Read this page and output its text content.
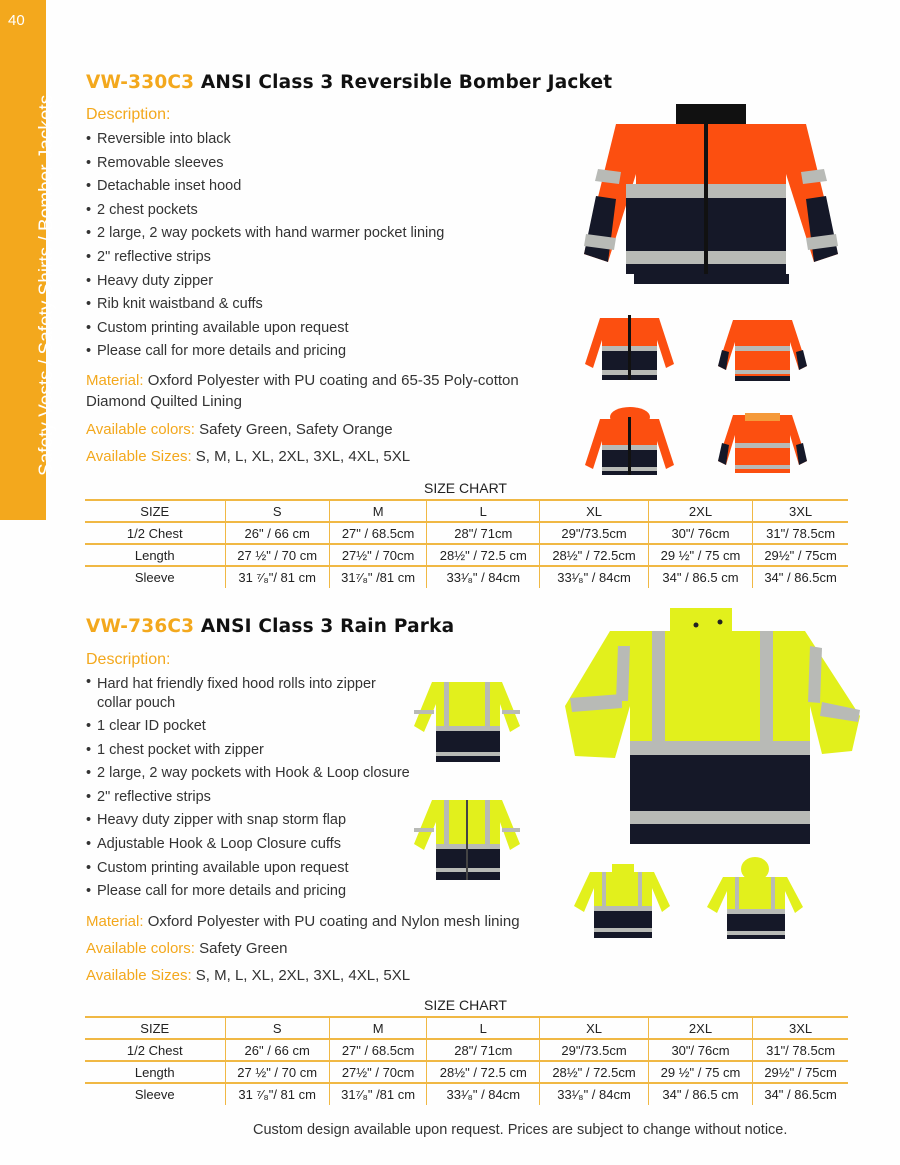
40
Safety Vests / Safety Shirts / Bomber Jackets
VW-330C3 ANSI Class 3 Reversible Bomber Jacket
Description:
• Reversible into black
• Removable sleeves
• Detachable inset hood
• 2 chest pockets
• 2 large, 2 way pockets with hand warmer pocket lining
• 2" reflective strips
• Heavy duty zipper
• Rib knit waistband & cuffs
• Custom printing available upon request
• Please call for more details and pricing
Material: Oxford Polyester with PU coating and 65-35 Poly-cotton Diamond Quilted Lining
Available colors: Safety Green, Safety Orange
Available Sizes: S, M, L, XL, 2XL, 3XL, 4XL, 5XL
SIZE CHART
SIZE	S	M	L	XL	2XL	3XL
1/2 Chest	26" / 66 cm	27" / 68.5cm	28"/ 71cm	29"/73.5cm	30"/ 76cm	31"/ 78.5cm
Length	27 ½" / 70 cm	27½" / 70cm	28½" / 72.5 cm	28½" / 72.5cm	29 ½" / 75 cm	29½" / 75cm
Sleeve	31 ⁷⁄₈"/ 81 cm	31⁷⁄₈" /81 cm	33¹⁄₈" / 84cm	33¹⁄₈" / 84cm	34" / 86.5 cm	34" / 86.5cm
VW-736C3 ANSI Class 3 Rain Parka
Description:
• Hard hat friendly fixed hood rolls into zipper collar pouch
• 1 clear ID pocket
• 1 chest pocket with zipper
• 2 large, 2 way pockets with Hook & Loop closure
• 2" reflective strips
• Heavy duty zipper with snap storm flap
• Adjustable Hook & Loop Closure cuffs
• Custom printing available upon request
• Please call for more details and pricing
Material: Oxford Polyester with PU coating and Nylon mesh lining
Available colors: Safety Green
Available Sizes: S, M, L, XL, 2XL, 3XL, 4XL, 5XL
SIZE CHART
SIZE	S	M	L	XL	2XL	3XL
1/2 Chest	26" / 66 cm	27" / 68.5cm	28"/ 71cm	29"/73.5cm	30"/ 76cm	31"/ 78.5cm
Length	27 ½" / 70 cm	27½" / 70cm	28½" / 72.5 cm	28½" / 72.5cm	29 ½" / 75 cm	29½" / 75cm
Sleeve	31 ⁷⁄₈"/ 81 cm	31⁷⁄₈" /81 cm	33¹⁄₈" / 84cm	33¹⁄₈" / 84cm	34" / 86.5 cm	34" / 86.5cm
Custom design available upon request. Prices are subject to change without notice.
